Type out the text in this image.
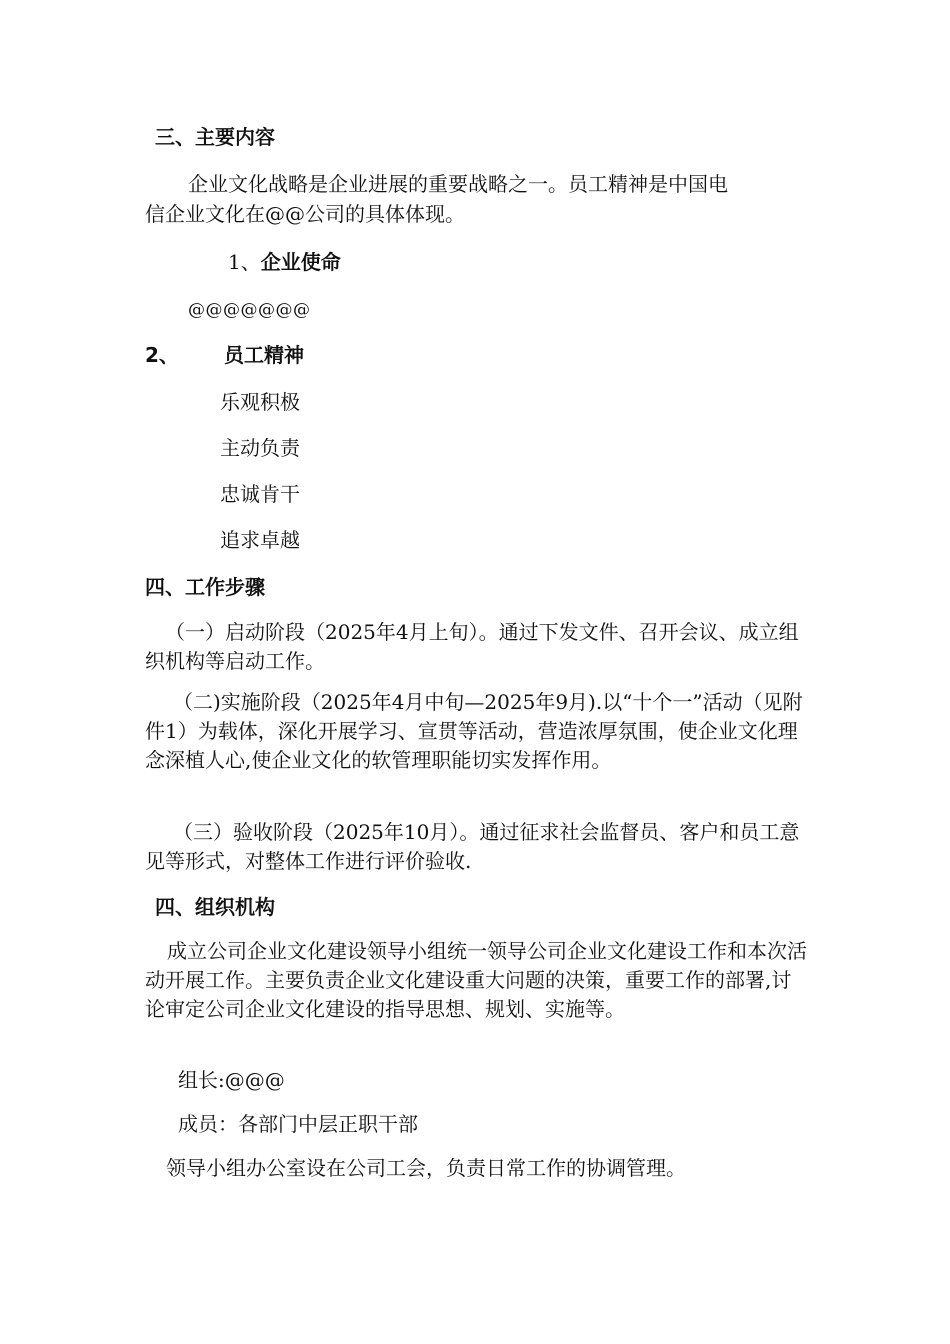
三、主要内容
企业文化战略是企业进展的重要战略之一。员工精神是中国电
信企业文化在@@公司的具体体现。
1、企业使命
@@@@@@@
2、 员工精神
乐观积极
主动负责
忠诚肯干
追求卓越
四、工作步骤
（一）启动阶段（2025年4月上旬）。通过下发文件、召开会议、成立组织机构等启动工作。
（二)实施阶段（2025年4月中旬—2025年9月).以“十个一”活动（见附件1）为载体，深化开展学习、宣贯等活动，营造浓厚氛围，使企业文化理念深植人心,使企业文化的软管理职能切实发挥作用。
（三）验收阶段（2025年10月）。通过征求社会监督员、客户和员工意见等形式，对整体工作进行评价验收.
四、组织机构
成立公司企业文化建设领导小组统一领导公司企业文化建设工作和本次活动开展工作。主要负责企业文化建设重大问题的决策，重要工作的部署,讨论审定公司企业文化建设的指导思想、规划、实施等。
组长:@@@
成员：各部门中层正职干部
领导小组办公室设在公司工会，负责日常工作的协调管理。
